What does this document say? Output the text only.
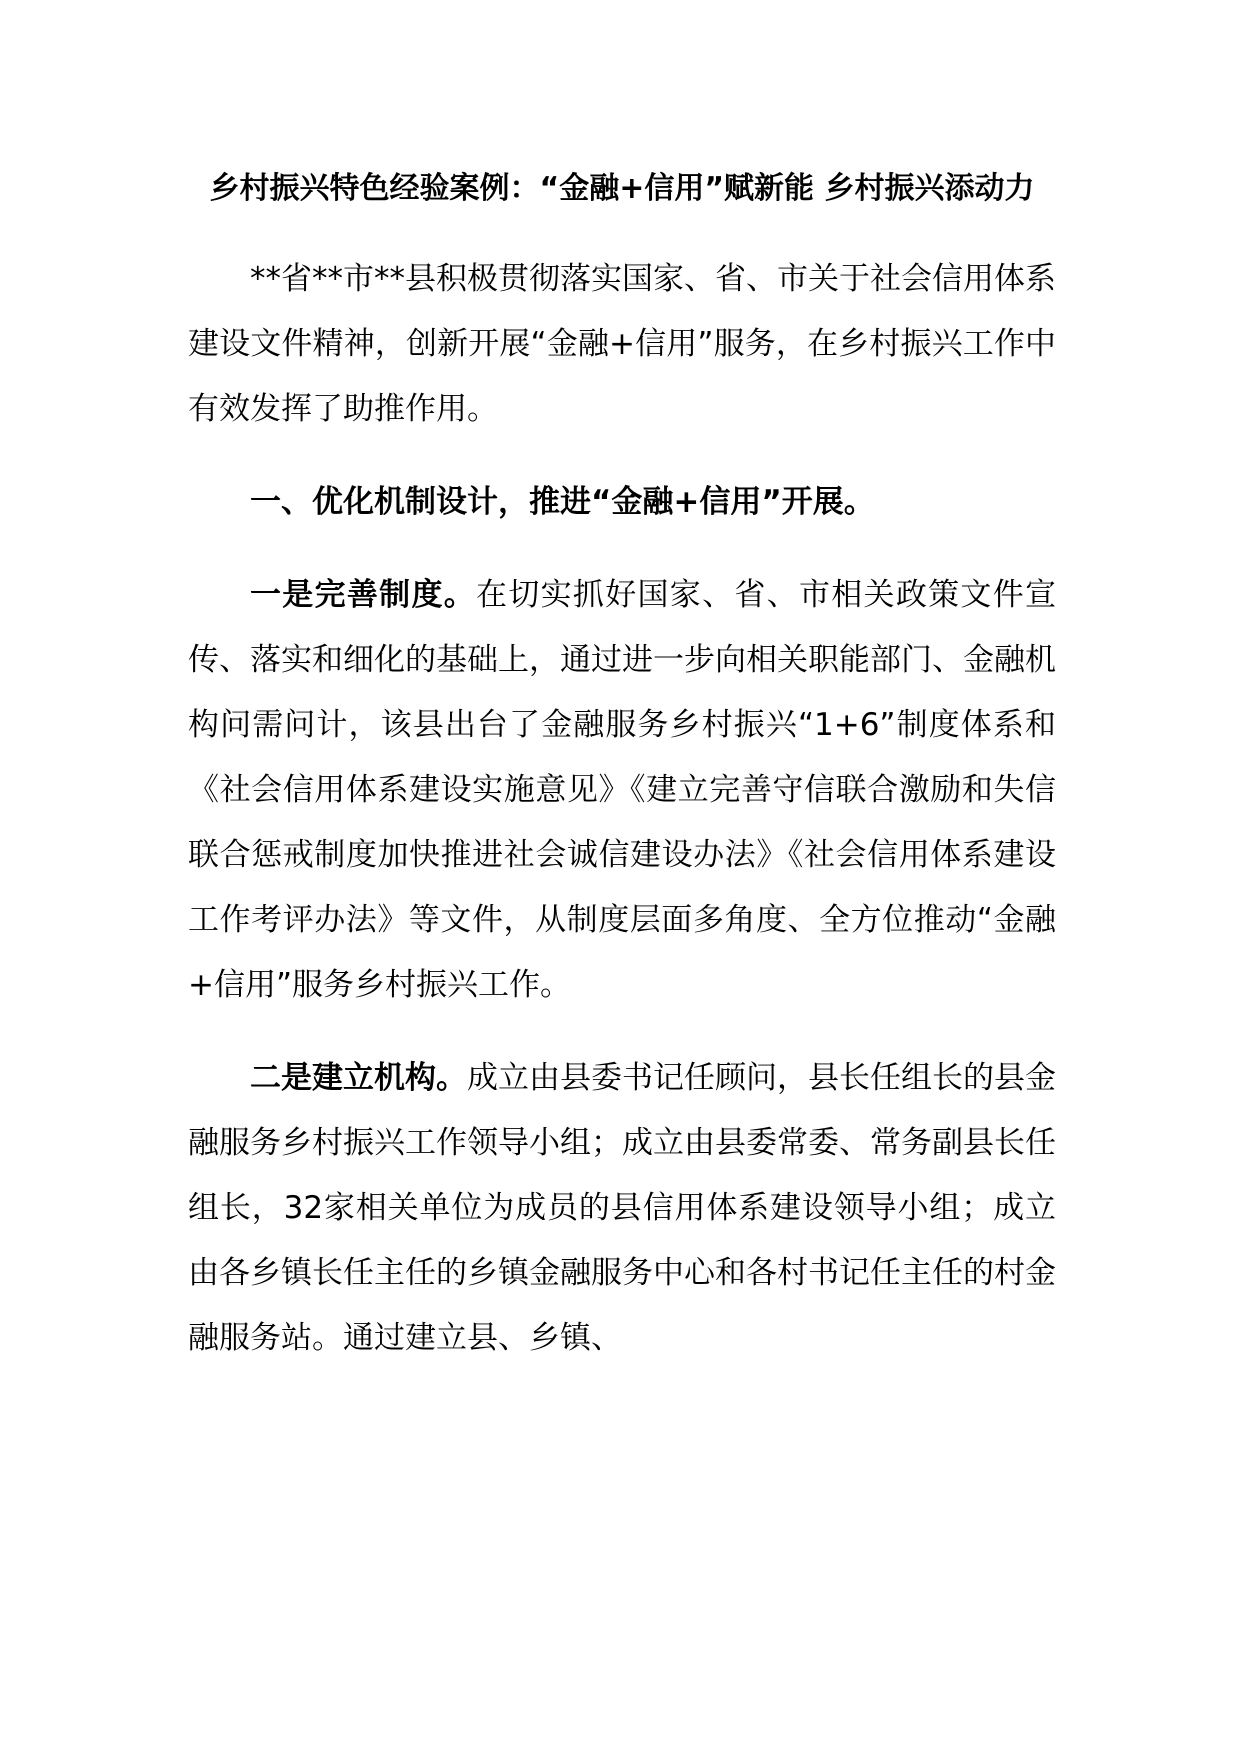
乡村振兴特色经验案例：“金融+信用”赋新能 乡村振兴添动力

**省**市**县积极贯彻落实国家、省、市关于社会信用体系建设文件精神，创新开展“金融+信用”服务，在乡村振兴工作中有效发挥了助推作用。

一、优化机制设计，推进“金融+信用”开展。

一是完善制度。在切实抓好国家、省、市相关政策文件宣传、落实和细化的基础上，通过进一步向相关职能部门、金融机构问需问计，该县出台了金融服务乡村振兴“1+6”制度体系和《社会信用体系建设实施意见》《建立完善守信联合激励和失信联合惩戒制度加快推进社会诚信建设办法》《社会信用体系建设工作考评办法》等文件，从制度层面多角度、全方位推动“金融+信用”服务乡村振兴工作。

二是建立机构。成立由县委书记任顾问，县长任组长的县金融服务乡村振兴工作领导小组；成立由县委常委、常务副县长任组长，32家相关单位为成员的县信用体系建设领导小组；成立由各乡镇长任主任的乡镇金融服务中心和各村书记任主任的村金融服务站。通过建立县、乡镇、
